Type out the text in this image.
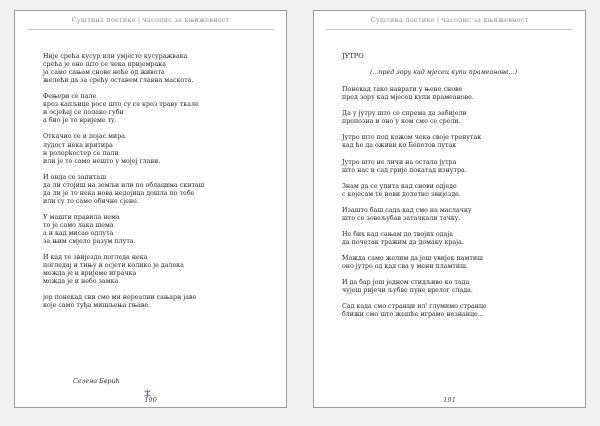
Суштина поетике | часопис за књижевност
Није срећа кусур или умјесто кусуражвака
срећа је оно што се чека пријемрака
ја само сањам снове неће од живота
желећи да за срећу останем главна маскота.
Фењери се пале
кроз капљице росе што су се кроз траву ткале
и осјећај се полако губи
а био је то вријеме ту.
Откачио се и појас мира
лудост нека иритира
и ролерkoстер се пали
или је то само нешто у мојој глави.
И онда се запиташ
да ли стојиш на земљи или по облацима скиташ
да ли је то нека нова недојица дошла по тебе
или су то само обичне сјене.
У машти правила нема
то је само лака шема
а и кад мисао одлута
за њим смјело разум плута.
И кад те звијезда погледа нека
погледај и тињу и осјети колико је далека
можда је и вријеме играчка
можда је и небо замка
јер понекад сви смо ми нереални сањари јаве
које само туђа мишљења гњаве.
Селена Берић
190
Суштина поетике | часопис за књижевност
ЈУТРО
(...пред зору кад мјесец купи прамеанове...)
Понекад тако наврати у њене снове
пред зору кад мјесец купи прамеанове.
Да у јутру што се спрема да забијели
препозна и оно у ком смо се срели.
Јутро што под кожом чека своје тренутак
кад ће да оживи ко Бепетов лутак
Јутро што не личи на остала јутра
што нас и сад гриje покатад изнутра.
Знам да се упита кад снови одједе
с којесам те нови долетно звијезде.
Изашто баш сада кад смо на маслачку
што се зовељубав затачкали тачку.
Не бих кад сањам до твојих одаја
да почетак тражим да домаку краја.
Можда само желим да још увијек памтиш
оно јутро од кад сва у мени пламтиш.
И да бар још једном стидљиво ко тада
чујеш ријечи љубве пуне врелог слада.
Сад када смо странци ил' глумимо странце
ближи смо што жешће играмо незнанце...
191
